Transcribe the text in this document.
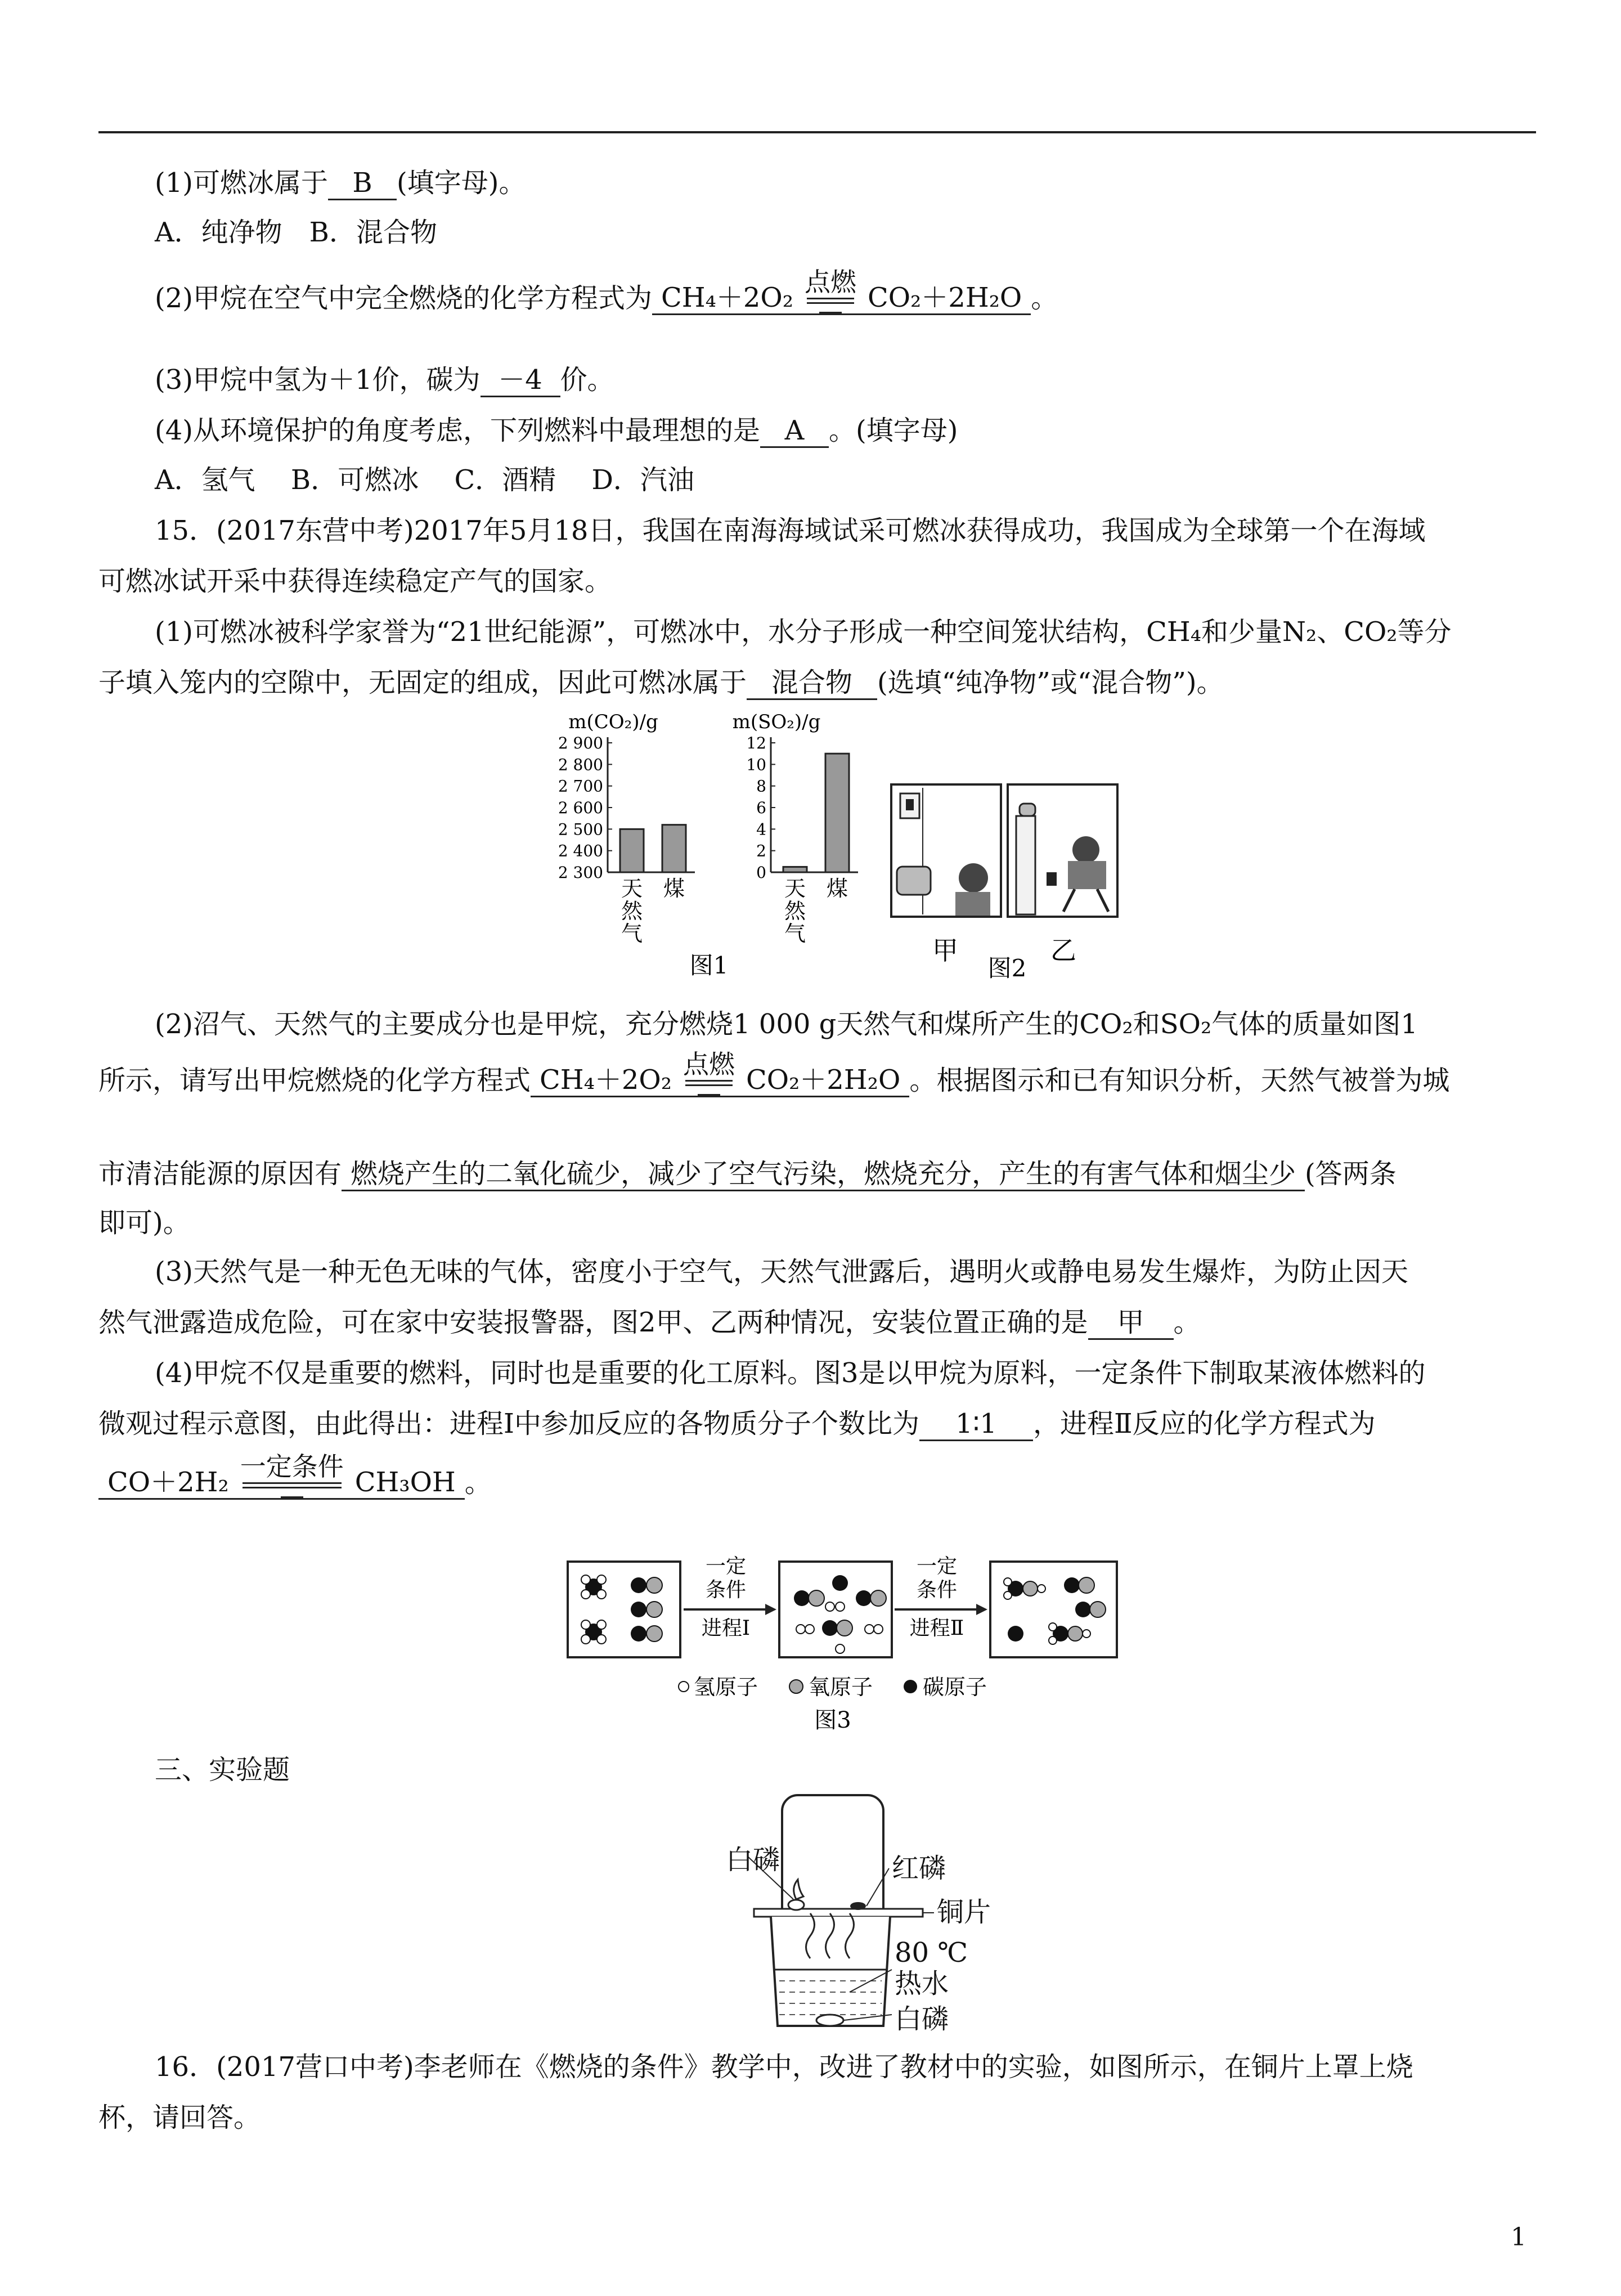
(1)可燃冰属于 B (填字母)。
A．纯净物　B．混合物
(2)甲烷在空气中完全燃烧的化学方程式为 CH₄＋2O₂ 点燃 CO₂＋2H₂O 。
(3)甲烷中氢为＋1价，碳为 －4 价。
(4)从环境保护的角度考虑，下列燃料中最理想的是 A 。(填字母)
A．氢气　 B．可燃冰　 C．酒精　 D．汽油
15．(2017东营中考)2017年5月18日，我国在南海海域试采可燃冰获得成功，我国成为全球第一个在海域
可燃冰试开采中获得连续稳定产气的国家。
(1)可燃冰被科学家誉为“21世纪能源”，可燃冰中，水分子形成一种空间笼状结构，CH₄和少量N₂、CO₂等分
子填入笼内的空隙中，无固定的组成，因此可燃冰属于 混合物 (选填“纯净物”或“混合物”)。
m(CO₂)/g
2 300
2 400
2 500
2 600
2 700
2 800
2 900
天
然
气
煤
m(SO₂)/g
0
2
4
6
8
10
12
天
然
气
煤
图1	甲	乙
图2
(2)沼气、天然气的主要成分也是甲烷，充分燃烧1 000 g天然气和煤所产生的CO₂和SO₂气体的质量如图1
所示，请写出甲烷燃烧的化学方程式 CH₄＋2O₂ 点燃 CO₂＋2H₂O 。根据图示和已有知识分析，天然气被誉为城
市清洁能源的原因有 燃烧产生的二氧化硫少，减少了空气污染，燃烧充分，产生的有害气体和烟尘少 (答两条
即可)。
(3)天然气是一种无色无味的气体，密度小于空气，天然气泄露后，遇明火或静电易发生爆炸，为防止因天
然气泄露造成危险，可在家中安装报警器，图2甲、乙两种情况，安装位置正确的是 甲 。
(4)甲烷不仅是重要的燃料，同时也是重要的化工原料。图3是以甲烷为原料，一定条件下制取某液体燃料的
微观过程示意图，由此得出：进程Ⅰ中参加反应的各物质分子个数比为 1∶1 ，进程Ⅱ反应的化学方程式为
CO＋2H₂ 一定条件 CH₃OH 。
一定
条件
进程Ⅰ
一定
条件
进程Ⅱ
氢原子 氧原子 碳原子
图3
三、实验题
白磷	红磷
铜片
80 ℃
热水
白磷
16．(2017营口中考)李老师在《燃烧的条件》教学中，改进了教材中的实验，如图所示，在铜片上罩上烧
杯，请回答。
1
